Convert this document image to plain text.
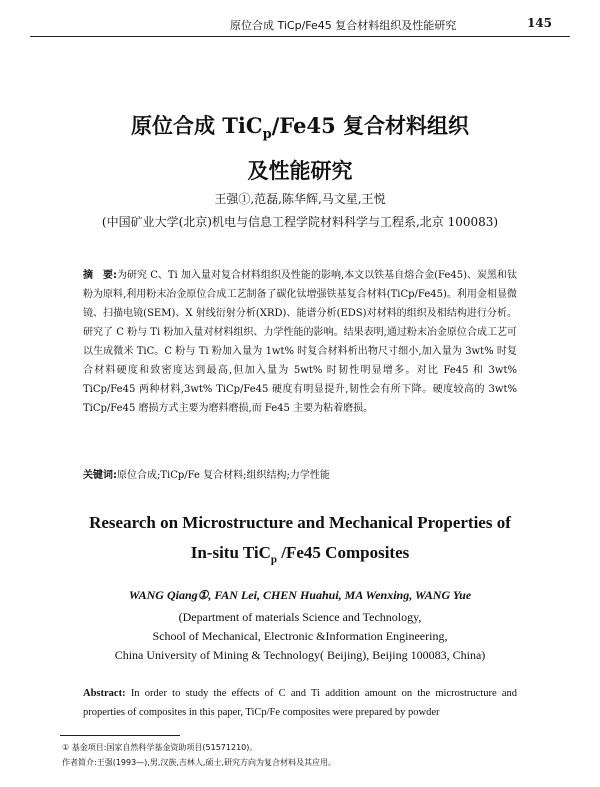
原位合成 TiCp/Fe45 复合材料组织及性能研究	145
原位合成 TiC$_p$/Fe45 复合材料组织
及性能研究
王强①,范磊,陈华辉,马文星,王悦
(中国矿业大学(北京)机电与信息工程学院材料科学与工程系,北京 100083)
摘　要:为研究 C、Ti 加入量对复合材料组织及性能的影响,本文以铁基自熔合金(Fe45)、炭黑和钛粉为原料,利用粉末冶金原位合成工艺制备了碳化钛增强铁基复合材料(TiCp/Fe45)。利用金相显微镜、扫描电镜(SEM)、X 射线衍射分析(XRD)、能谱分析(EDS)对材料的组织及相结构进行分析。研究了 C 粉与 Ti 粉加入量对材料组织、力学性能的影响。结果表明,通过粉末冶金原位合成工艺可以生成微米 TiC。C 粉与 Ti 粉加入量为 1wt% 时复合材料析出物尺寸细小,加入量为 3wt% 时复合材料硬度和致密度达到最高,但加入量为 5wt% 时韧性明显增多。对比 Fe45 和 3wt% TiCp/Fe45 两种材料,3wt% TiCp/Fe45 硬度有明显提升,韧性会有所下降。硬度较高的 3wt% TiCp/Fe45 磨损方式主要为磨料磨损,而 Fe45 主要为粘着磨损。
关键词:原位合成;TiCp/Fe 复合材料;组织结构;力学性能
Research on Microstructure and Mechanical Properties of
In-situ TiC$_p$ /Fe45 Composites
WANG Qiang①, FAN Lei, CHEN Huahui, MA Wenxing, WANG Yue
(Department of materials Science and Technology,
School of Mechanical, Electronic &Information Engineering,
China University of Mining & Technology( Beijing), Beijing 100083, China)
Abstract: In order to study the effects of C and Ti addition amount on the microstructure and properties of composites in this paper, TiCp/Fe composites were prepared by powder
① 基金项目:国家自然科学基金资助项目(51571210)。
作者简介:王强(1993—),男,汉族,吉林人,硕士,研究方向为复合材料及其应用。
